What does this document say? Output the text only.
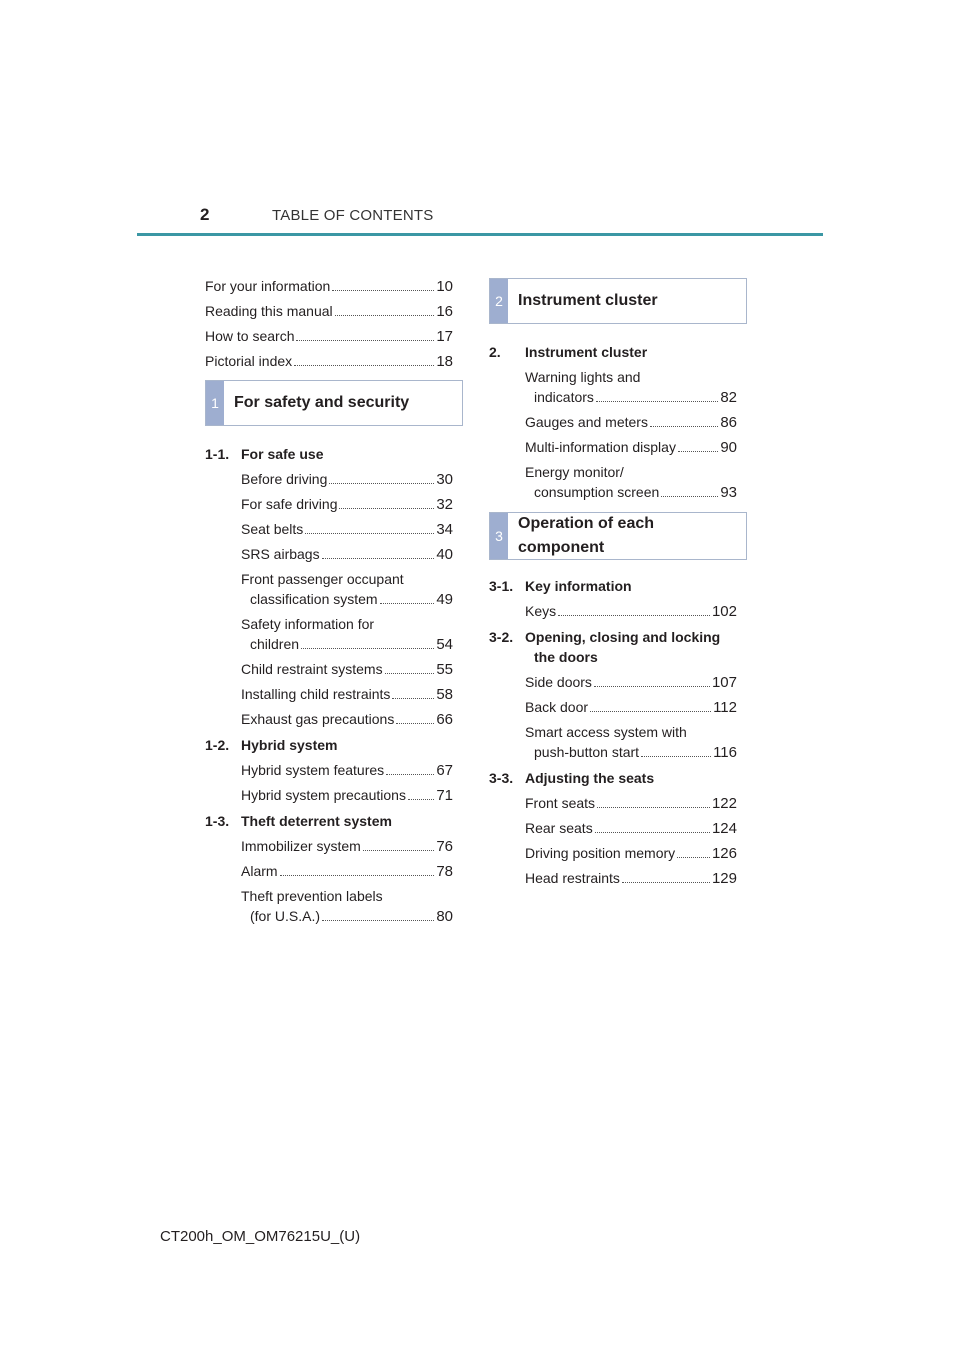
2	TABLE OF CONTENTS
For your information	10
Reading this manual	16
How to search	17
Pictorial index	18
1 For safety and security
1-1. For safe use
Before driving	30
For safe driving	32
Seat belts	34
SRS airbags	40
Front passenger occupant
classification system	49
Safety information for
children	54
Child restraint systems	55
Installing child restraints	58
Exhaust gas precautions	66
1-2. Hybrid system
Hybrid system features	67
Hybrid system precautions 71
1-3. Theft deterrent system
Immobilizer system	76
Alarm	78
Theft prevention labels
(for U.S.A.)	80
2 Instrument cluster
2.	Instrument cluster
Warning lights and
indicators	82
Gauges and meters	86
Multi-information display	90
Energy monitor/
consumption screen	93
3
Operation of each
component
3-1. Key information
Keys	102
3-2. Opening, closing and locking
the doors
Side doors	107
Back door	112
Smart access system with
push-button start	116
3-3. Adjusting the seats
Front seats	122
Rear seats	124
Driving position memory 126
Head restraints	129
CT200h_OM_OM76215U_(U)
